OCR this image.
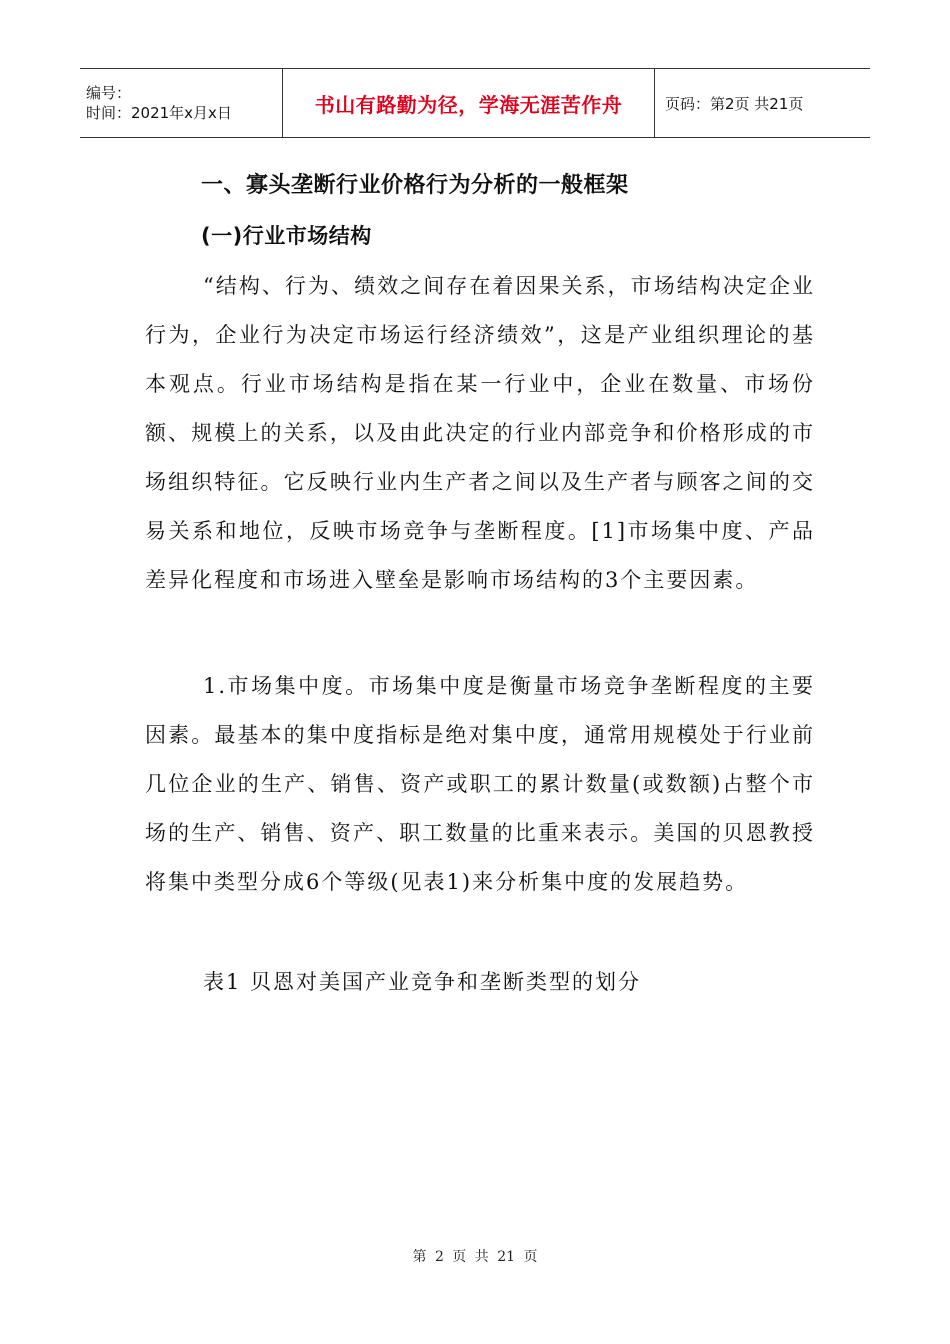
编号：
时间：2021年x月x日	书山有路勤为径，学海无涯苦作舟	页码：第2页 共21页
一、寡头垄断行业价格行为分析的一般框架
(一)行业市场结构

“结构、行为、绩效之间存在着因果关系，市场结构决定企业行为，企业行为决定市场运行经济绩效”，这是产业组织理论的基本观点。行业市场结构是指在某一行业中，企业在数量、市场份额、规模上的关系，以及由此决定的行业内部竞争和价格形成的市场组织特征。它反映行业内生产者之间以及生产者与顾客之间的交易关系和地位，反映市场竞争与垄断程度。[1]市场集中度、产品差异化程度和市场进入壁垒是影响市场结构的3个主要因素。

1.市场集中度。市场集中度是衡量市场竞争垄断程度的主要因素。最基本的集中度指标是绝对集中度，通常用规模处于行业前几位企业的生产、销售、资产或职工的累计数量(或数额)占整个市场的生产、销售、资产、职工数量的比重来表示。美国的贝恩教授将集中类型分成6个等级(见表1)来分析集中度的发展趋势。

表1 贝恩对美国产业竞争和垄断类型的划分
第 2 页 共 21 页
